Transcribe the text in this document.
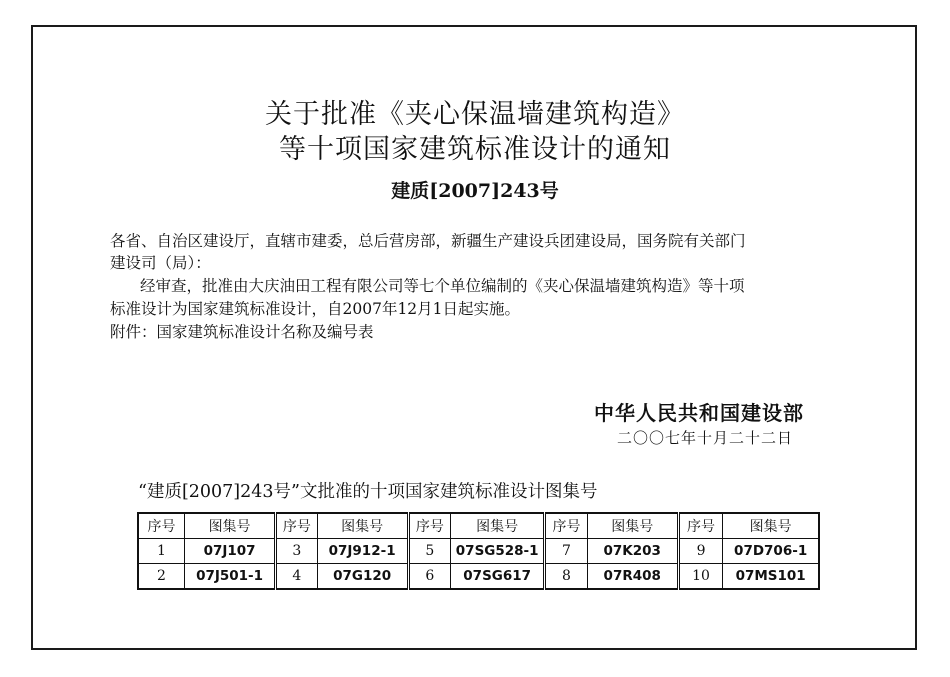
关于批准《夹心保温墙建筑构造》
等十项国家建筑标准设计的通知
建质[2007]243号
各省、自治区建设厅，直辖市建委，总后营房部，新疆生产建设兵团建设局，国务院有关部门
建设司（局）：
经审查，批准由大庆油田工程有限公司等七个单位编制的《夹心保温墙建筑构造》等十项
标准设计为国家建筑标准设计，自2007年12月1日起实施。
附件：国家建筑标准设计名称及编号表
中华人民共和国建设部
二〇〇七年十月二十二日
“建质[2007]243号”文批准的十项国家建筑标准设计图集号
序号	图集号	序号	图集号	序号	图集号	序号	图集号	序号	图集号
1	07J107	3	07J912-1	5	07SG528-1	7	07K203	9	07D706-1
2	07J501-1	4	07G120	6	07SG617	8	07R408	10	07MS101
